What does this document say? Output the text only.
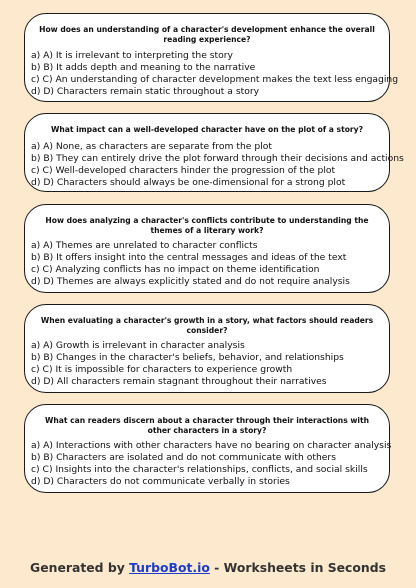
How does an understanding of a character's development enhance the overall reading experience?
a) A) It is irrelevant to interpreting the story
b) B) It adds depth and meaning to the narrative
c) C) An understanding of character development makes the text less engaging
d) D) Characters remain static throughout a story
What impact can a well-developed character have on the plot of a story?
a) A) None, as characters are separate from the plot
b) B) They can entirely drive the plot forward through their decisions and actions
c) C) Well-developed characters hinder the progression of the plot
d) D) Characters should always be one-dimensional for a strong plot
How does analyzing a character's conflicts contribute to understanding the themes of a literary work?
a) A) Themes are unrelated to character conflicts
b) B) It offers insight into the central messages and ideas of the text
c) C) Analyzing conflicts has no impact on theme identification
d) D) Themes are always explicitly stated and do not require analysis
When evaluating a character's growth in a story, what factors should readers consider?
a) A) Growth is irrelevant in character analysis
b) B) Changes in the character's beliefs, behavior, and relationships
c) C) It is impossible for characters to experience growth
d) D) All characters remain stagnant throughout their narratives
What can readers discern about a character through their interactions with other characters in a story?
a) A) Interactions with other characters have no bearing on character analysis
b) B) Characters are isolated and do not communicate with others
c) C) Insights into the character's relationships, conflicts, and social skills
d) D) Characters do not communicate verbally in stories
Generated by TurboBot.io - Worksheets in Seconds
